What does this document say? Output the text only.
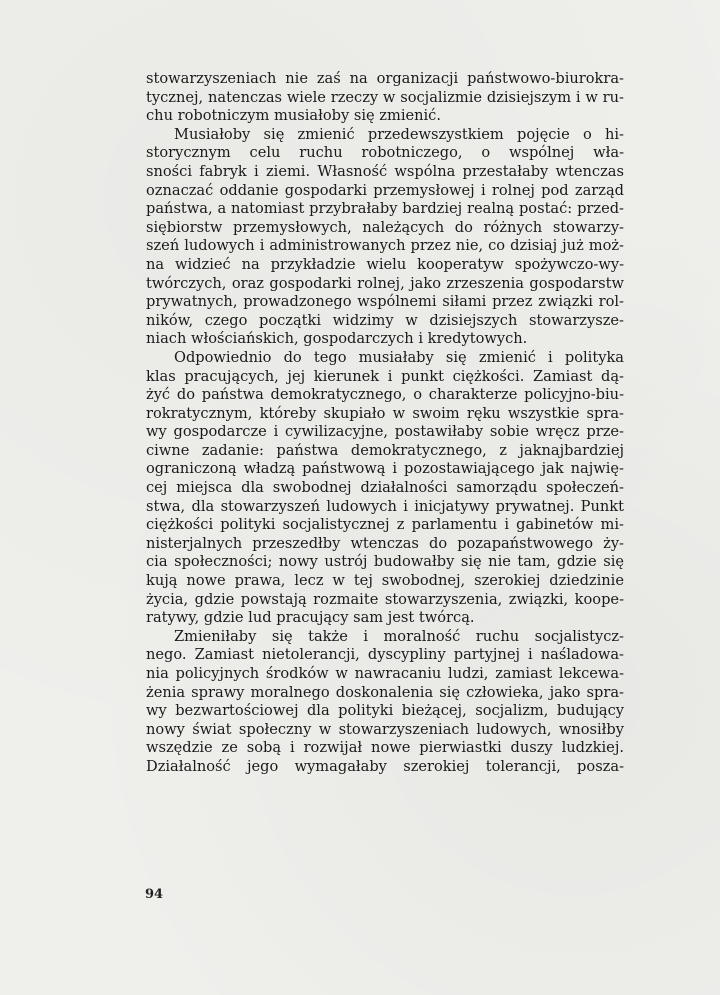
stowarzyszeniach nie zaś na organizacji państwowo-biurokra-
tycznej, natenczas wiele rzeczy w socjalizmie dzisiejszym i w ru-
chu robotniczym musiałoby się zmienić.
Musiałoby się zmienić przedewszystkiem pojęcie o hi-
storycznym celu ruchu robotniczego, o wspólnej wła-
sności fabryk i ziemi. Własność wspólna przestałaby wtenczas
oznaczać oddanie gospodarki przemysłowej i rolnej pod zarząd
państwa, a natomiast przybrałaby bardziej realną postać: przed-
siębiorstw przemysłowych, należących do różnych stowarzy-
szeń ludowych i administrowanych przez nie, co dzisiaj już moż-
na widzieć na przykładzie wielu kooperatyw spożywczo-wy-
twórczych, oraz gospodarki rolnej, jako zrzeszenia gospodarstw
prywatnych, prowadzonego wspólnemi siłami przez związki rol-
ników, czego początki widzimy w dzisiejszych stowarzysze-
niach włościańskich, gospodarczych i kredytowych.
Odpowiednio do tego musiałaby się zmienić i polityka
klas pracujących, jej kierunek i punkt ciężkości. Zamiast dą-
żyć do państwa demokratycznego, o charakterze policyjno-biu-
rokratycznym, któreby skupiało w swoim ręku wszystkie spra-
wy gospodarcze i cywilizacyjne, postawiłaby sobie wręcz prze-
ciwne zadanie: państwa demokratycznego, z jaknajbardziej
ograniczoną władzą państwową i pozostawiającego jak najwię-
cej miejsca dla swobodnej działalności samorządu społeczeń-
stwa, dla stowarzyszeń ludowych i inicjatywy prywatnej. Punkt
ciężkości polityki socjalistycznej z parlamentu i gabinetów mi-
nisterjalnych przeszedłby wtenczas do pozapaństwowego ży-
cia społeczności; nowy ustrój budowałby się nie tam, gdzie się
kują nowe prawa, lecz w tej swobodnej, szerokiej dziedzinie
życia, gdzie powstają rozmaite stowarzyszenia, związki, koope-
ratywy, gdzie lud pracujący sam jest twórcą.
Zmieniłaby się także i moralność ruchu socjalistycz-
nego. Zamiast nietolerancji, dyscypliny partyjnej i naśladowa-
nia policyjnych środków w nawracaniu ludzi, zamiast lekcewa-
żenia sprawy moralnego doskonalenia się człowieka, jako spra-
wy bezwartościowej dla polityki bieżącej, socjalizm, budujący
nowy świat społeczny w stowarzyszeniach ludowych, wnosiłby
wszędzie ze sobą i rozwijał nowe pierwiastki duszy ludzkiej.
Działalność jego wymagałaby szerokiej tolerancji, posza-
94
